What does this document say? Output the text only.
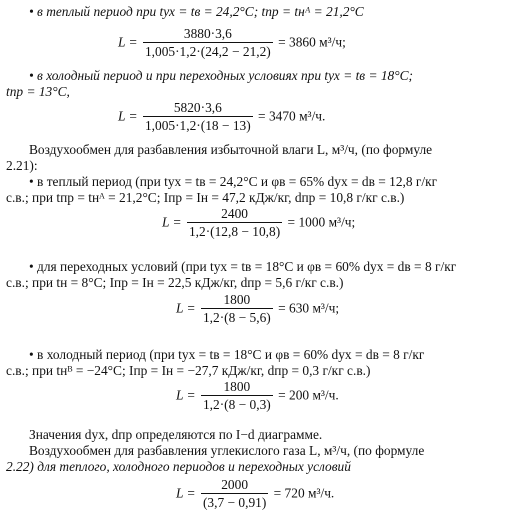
• в теплый период при tух = tв = 24,2°C; tпр = tнᴬ = 21,2°C
$L = \frac{3880\cdot 3,6}{1,005\cdot 1,2\cdot(24,2 - 21,2)} = 3860$ м³/ч;
• в холодный период и при переходных условиях при tух = tв = 18°C;
tпр = 13°C,
$L = \frac{5820\cdot 3,6}{1,005\cdot 1,2\cdot(18 - 13)} = 3470$ м³/ч.
Воздухообмен для разбавления избыточной влаги L, м³/ч, (по формуле
2.21):
• в теплый период (при tух = tв = 24,2°C и φв = 65% dух = dв = 12,8 г/кг
с.в.; при tпр = tнᴬ = 21,2°C; Iпр = Iн = 47,2 кДж/кг, dпр = 10,8 г/кг с.в.)
$L = \frac{2400}{1,2\cdot(12,8 - 10,8)} = 1000$ м³/ч;
• для переходных условий (при tух = tв = 18°C и φв = 60% dух = dв = 8 г/кг
с.в.; при tн = 8°C; Iпр = Iн = 22,5 кДж/кг, dпр = 5,6 г/кг с.в.)
$L = \frac{1800}{1,2\cdot(8 - 5,6)} = 630$ м³/ч;
• в холодный период (при tух = tв = 18°C и φв = 60% dух = dв = 8 г/кг
с.в.; при tнᴮ = −24°C; Iпр = Iн = −27,7 кДж/кг, dпр = 0,3 г/кг с.в.)
$L = \frac{1800}{1,2\cdot(8 - 0,3)} = 200$ м³/ч.
Значения dух, dпр определяются по I−d диаграмме.
Воздухообмен для разбавления углекислого газа L, м³/ч, (по формуле
2.22) для теплого, холодного периодов и переходных условий
$L = \frac{2000}{(3,7 - 0,91)} = 720$ м³/ч.
